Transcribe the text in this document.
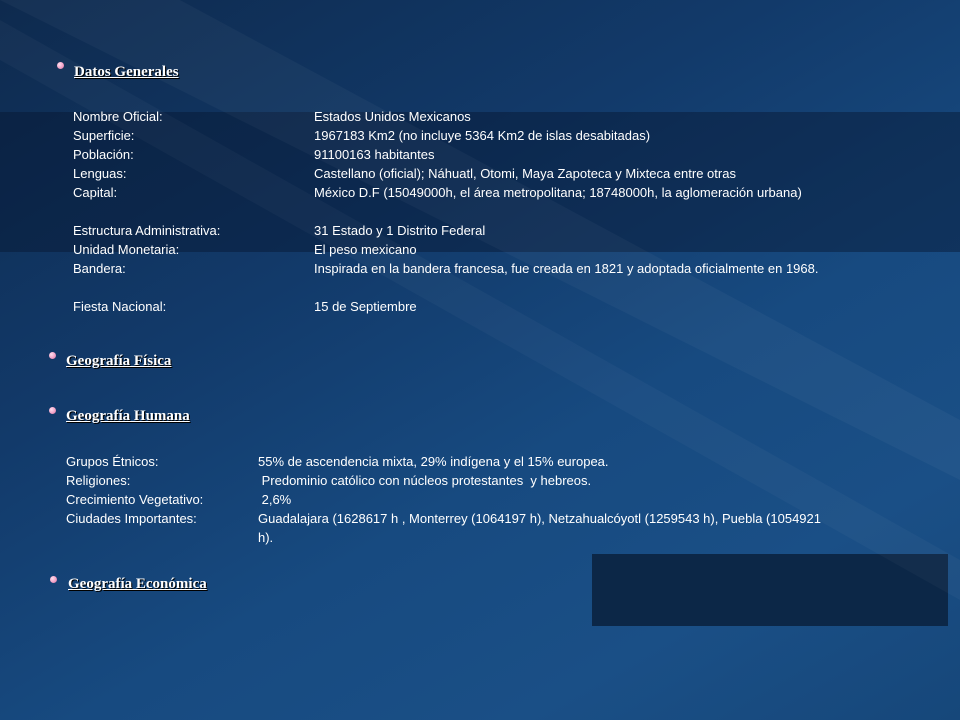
Datos Generales
Nombre Oficial:	Estados Unidos Mexicanos
Superficie:	1967183 Km2 (no incluye 5364 Km2 de islas desabitadas)
Población:	91100163 habitantes
Lenguas:	Castellano (oficial); Náhuatl, Otomi, Maya Zapoteca y Mixteca entre otras
Capital:	México D.F (15049000h, el área metropolitana; 18748000h, la aglomeración urbana)
Estructura Administrativa:	31 Estado y 1 Distrito Federal
Unidad Monetaria:	El peso mexicano
Bandera:	Inspirada en la bandera francesa, fue creada en 1821 y adoptada oficialmente en 1968.
Fiesta Nacional:	15 de Septiembre
Geografía Física
Geografía Humana
Grupos Étnicos:	55% de ascendencia mixta, 29% indígena y el 15% europea.
Religiones:	Predominio católico con núcleos protestantes  y hebreos.
Crecimiento Vegetativo:	2,6%
Ciudades Importantes:	Guadalajara (1628617 h , Monterrey (1064197 h), Netzahualcóyotl (1259543 h), Puebla (1054921 h).
Geografía Económica
